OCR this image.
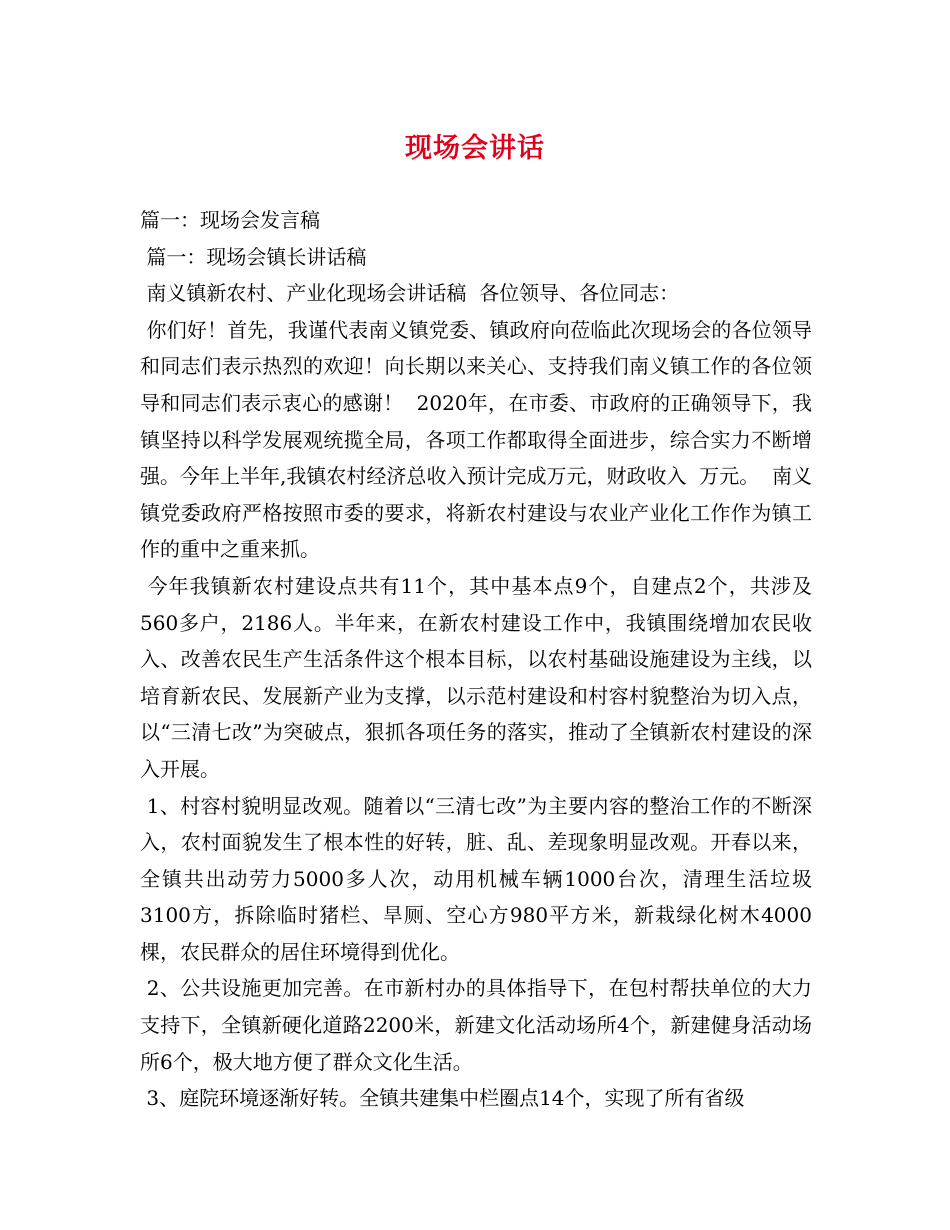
现场会讲话

篇一：现场会发言稿

篇一：现场会镇长讲话稿

南义镇新农村、产业化现场会讲话稿  各位领导、各位同志：

你们好！首先，我谨代表南义镇党委、镇政府向莅临此次现场会的各位领导和同志们表示热烈的欢迎！向长期以来关心、支持我们南义镇工作的各位领导和同志们表示衷心的感谢！  2020年，在市委、市政府的正确领导下，我镇坚持以科学发展观统揽全局，各项工作都取得全面进步，综合实力不断增强。今年上半年,我镇农村经济总收入预计完成万元，财政收入  万元。  南义镇党委政府严格按照市委的要求，将新农村建设与农业产业化工作作为镇工作的重中之重来抓。

今年我镇新农村建设点共有11个，其中基本点9个，自建点2个，共涉及560多户，2186人。半年来，在新农村建设工作中，我镇围绕增加农民收入、改善农民生产生活条件这个根本目标，以农村基础设施建设为主线，以培育新农民、发展新产业为支撑，以示范村建设和村容村貌整治为切入点，以“三清七改”为突破点，狠抓各项任务的落实，推动了全镇新农村建设的深入开展。

1、村容村貌明显改观。随着以“三清七改”为主要内容的整治工作的不断深入，农村面貌发生了根本性的好转，脏、乱、差现象明显改观。开春以来，全镇共出动劳力5000多人次，动用机械车辆1000台次，清理生活垃圾3100方，拆除临时猪栏、旱厕、空心方980平方米，新栽绿化树木4000棵，农民群众的居住环境得到优化。

2、公共设施更加完善。在市新村办的具体指导下，在包村帮扶单位的大力支持下，全镇新硬化道路2200米，新建文化活动场所4个，新建健身活动场所6个，极大地方便了群众文化生活。

3、庭院环境逐渐好转。全镇共建集中栏圈点14个，实现了所有省级
